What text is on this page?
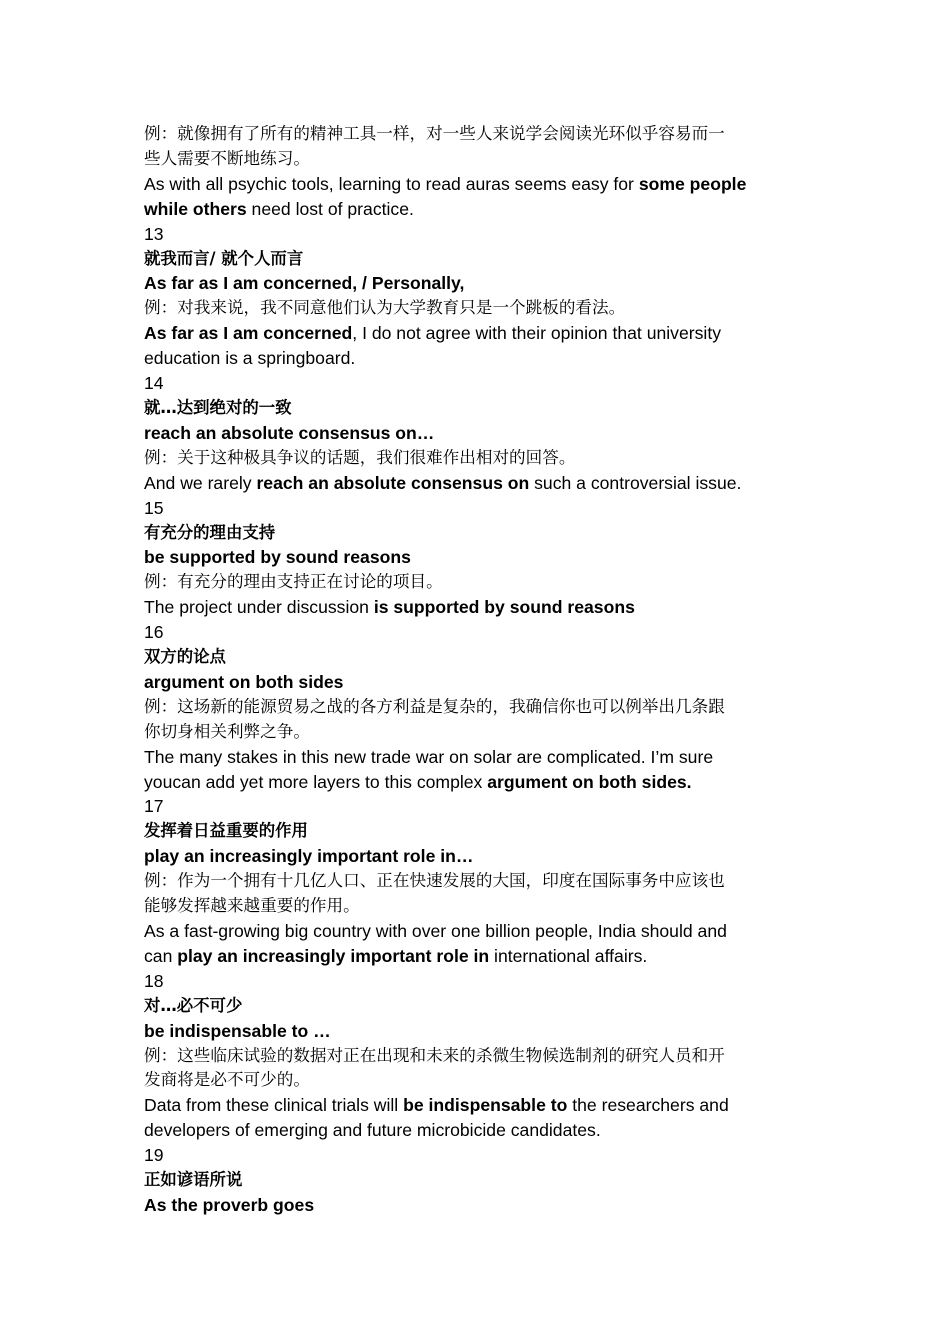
例：就像拥有了所有的精神工具一样，对一些人来说学会阅读光环似乎容易而一
些人需要不断地练习。
As with all psychic tools, learning to read auras seems easy for some people
while others need lost of practice.
13
就我而言/ 就个人而言
As far as I am concerned, / Personally,
例：对我来说，我不同意他们认为大学教育只是一个跳板的看法。
As far as I am concerned, I do not agree with their opinion that university
education is a springboard.
14
就…达到绝对的一致
reach an absolute consensus on…
例：关于这种极具争议的话题，我们很难作出相对的回答。
And we rarely reach an absolute consensus on such a controversial issue.
15
有充分的理由支持
be supported by sound reasons
例：有充分的理由支持正在讨论的项目。
The project under discussion is supported by sound reasons
16
双方的论点
argument on both sides
例：这场新的能源贸易之战的各方利益是复杂的，我确信你也可以例举出几条跟
你切身相关利弊之争。
The many stakes in this new trade war on solar are complicated. I’m sure
youcan add yet more layers to this complex argument on both sides.
17
发挥着日益重要的作用
play an increasingly important role in…
例：作为一个拥有十几亿人口、正在快速发展的大国，印度在国际事务中应该也
能够发挥越来越重要的作用。
As a fast-growing big country with over one billion people, India should and
can play an increasingly important role in international affairs.
18
对…必不可少
be indispensable to …
例：这些临床试验的数据对正在出现和未来的杀微生物候选制剂的研究人员和开
发商将是必不可少的。
Data from these clinical trials will be indispensable to the researchers and
developers of emerging and future microbicide candidates.
19
正如谚语所说
As the proverb goes
